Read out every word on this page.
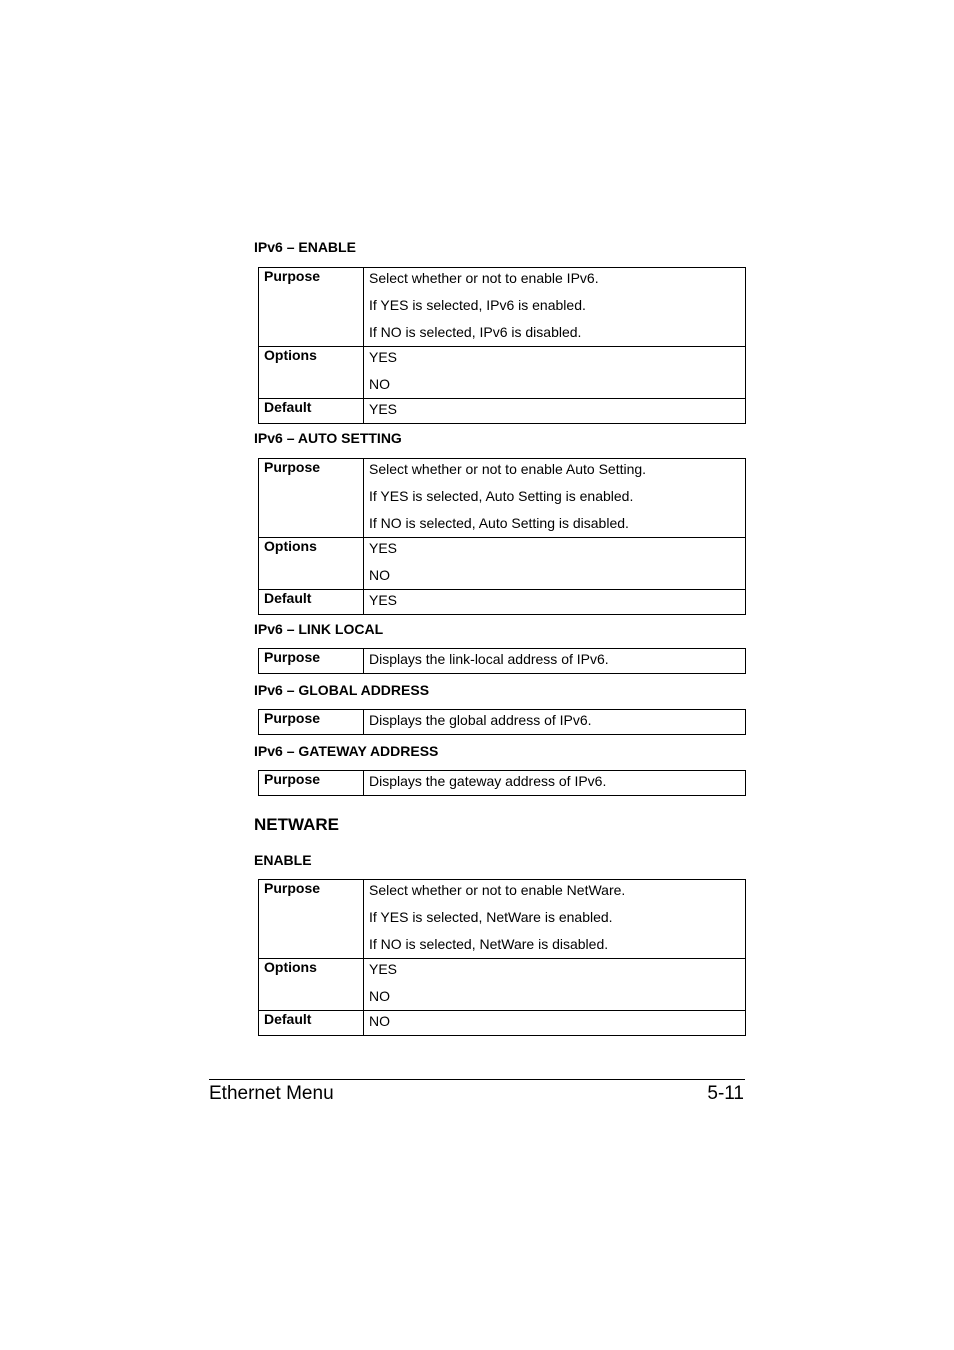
IPv6 – ENABLE
Purpose	Select whether or not to enable IPv6.
If YES is selected, IPv6 is enabled.
If NO is selected, IPv6 is disabled.

Options	YES
NO

Default	YES
IPv6 – AUTO SETTING
Purpose	Select whether or not to enable Auto Setting.
If YES is selected, Auto Setting is enabled.
If NO is selected, Auto Setting is disabled.

Options	YES
NO

Default	YES
IPv6 – LINK LOCAL
Purpose	Displays the link-local address of IPv6.
IPv6 – GLOBAL ADDRESS
Purpose	Displays the global address of IPv6.
IPv6 – GATEWAY ADDRESS
Purpose	Displays the gateway address of IPv6.
NETWARE
ENABLE
Purpose	Select whether or not to enable NetWare.
If YES is selected, NetWare is enabled.
If NO is selected, NetWare is disabled.

Options	YES
NO

Default	NO
Ethernet Menu	5-11
